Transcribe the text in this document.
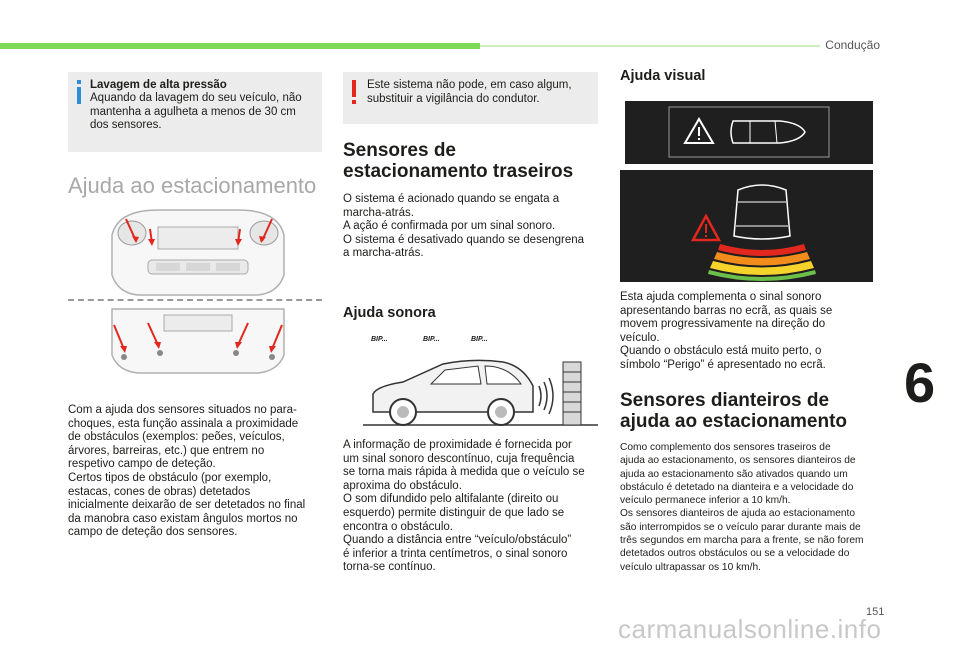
Condução
6
Lavagem de alta pressão
Aquando da lavagem do seu veículo, não
mantenha a agulheta a menos de 30 cm
dos sensores.
Ajuda ao estacionamento
Com a ajuda dos sensores situados no para-
choques, esta função assinala a proximidade
de obstáculos (exemplos: peões, veículos,
árvores, barreiras, etc.) que entrem no
respetivo campo de deteção.
Certos tipos de obstáculo (por exemplo,
estacas, cones de obras) detetados
inicialmente deixarão de ser detetados no final
da manobra caso existam ângulos mortos no
campo de deteção dos sensores.
Este sistema não pode, em caso algum,
substituir a vigilância do condutor.
Sensores de
estacionamento traseiros
O sistema é acionado quando se engata a
marcha-atrás.
A ação é confirmada por um sinal sonoro.
O sistema é desativado quando se desengrena
a marcha-atrás.
Ajuda sonora
BIP...	BIP...	BIP...
A informação de proximidade é fornecida por
um sinal sonoro descontínuo, cuja frequência
se torna mais rápida à medida que o veículo se
aproxima do obstáculo.
O som difundido pelo altifalante (direito ou
esquerdo) permite distinguir de que lado se
encontra o obstáculo.
Quando a distância entre “veículo/obstáculo”
é inferior a trinta centímetros, o sinal sonoro
torna-se contínuo.
Ajuda visual
Esta ajuda complementa o sinal sonoro
apresentando barras no ecrã, as quais se
movem progressivamente na direção do
veículo.
Quando o obstáculo está muito perto, o
símbolo “Perigo” é apresentado no ecrã.
Sensores dianteiros de
ajuda ao estacionamento
Como complemento dos sensores traseiros de
ajuda ao estacionamento, os sensores dianteiros de
ajuda ao estacionamento são ativados quando um
obstáculo é detetado na dianteira e a velocidade do
veículo permanece inferior a 10 km/h.
Os sensores dianteiros de ajuda ao estacionamento
são interrompidos se o veículo parar durante mais de
três segundos em marcha para a frente, se não forem
detetados outros obstáculos ou se a velocidade do
veículo ultrapassar os 10 km/h.
151
carmanualsonline.info
